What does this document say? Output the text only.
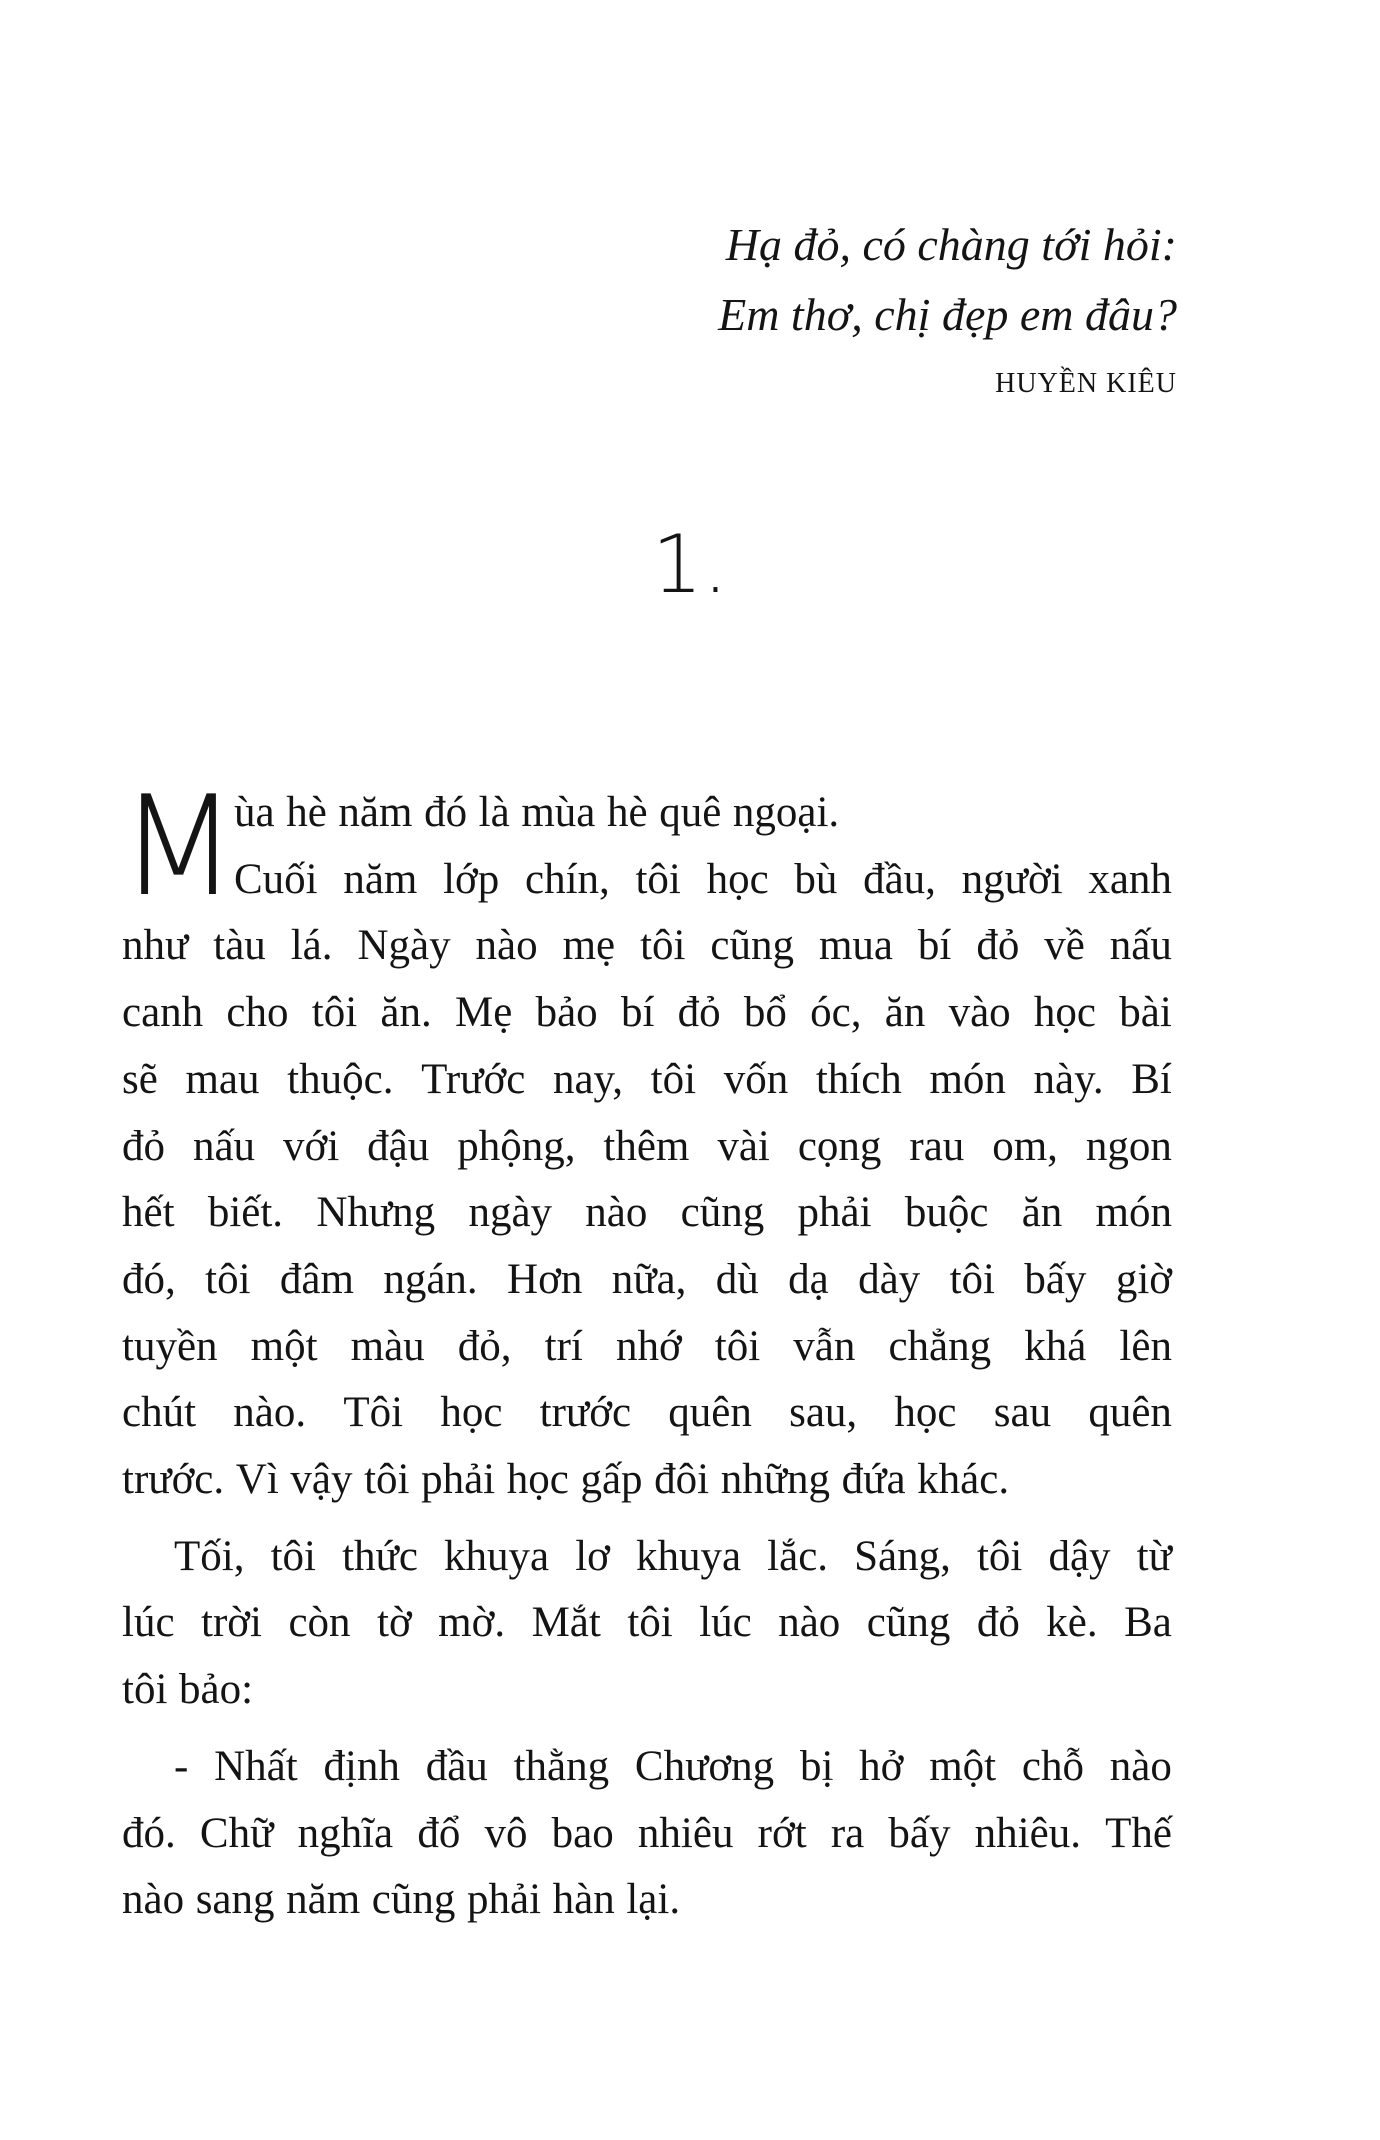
Hạ đỏ, có chàng tới hỏi:
Em thơ, chị đẹp em đâu?
HUYỀN KIÊU
1.
M
ùa hè năm đó là mùa hè quê ngoại.
Cuối năm lớp chín, tôi học bù đầu, người xanh
như tàu lá. Ngày nào mẹ tôi cũng mua bí đỏ về nấu
canh cho tôi ăn. Mẹ bảo bí đỏ bổ óc, ăn vào học bài
sẽ mau thuộc. Trước nay, tôi vốn thích món này. Bí
đỏ nấu với đậu phộng, thêm vài cọng rau om, ngon
hết biết. Nhưng ngày nào cũng phải buộc ăn món
đó, tôi đâm ngán. Hơn nữa, dù dạ dày tôi bấy giờ
tuyền một màu đỏ, trí nhớ tôi vẫn chẳng khá lên
chút nào. Tôi học trước quên sau, học sau quên
trước. Vì vậy tôi phải học gấp đôi những đứa khác.
Tối, tôi thức khuya lơ khuya lắc. Sáng, tôi dậy từ
lúc trời còn tờ mờ. Mắt tôi lúc nào cũng đỏ kè. Ba
tôi bảo:
- Nhất định đầu thằng Chương bị hở một chỗ nào
đó. Chữ nghĩa đổ vô bao nhiêu rớt ra bấy nhiêu. Thế
nào sang năm cũng phải hàn lại.
